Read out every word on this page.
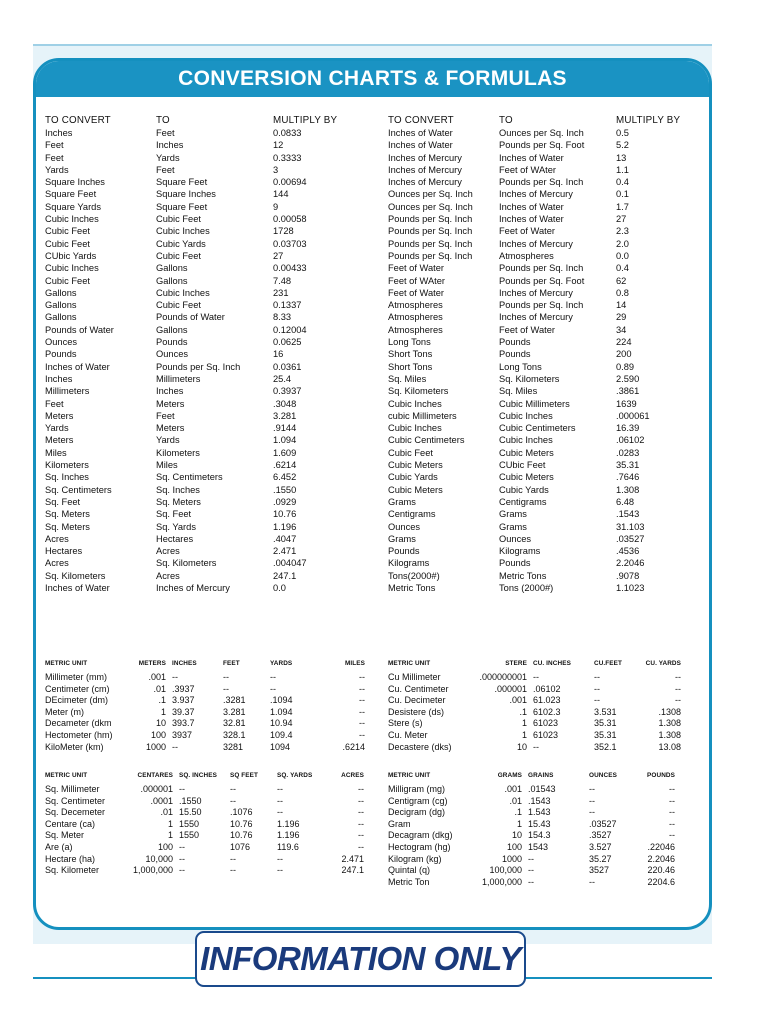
CONVERSION CHARTS & FORMULAS
TO CONVERT	TO	MULTIPLY BY
Inches	Feet	0.0833
Feet	Inches	12
Feet	Yards	0.3333
Yards	Feet	3
Square Inches	Square Feet	0.00694
Square Feet	Square Inches	144
Square Yards	Square Feet	9
Cubic Inches	Cubic Feet	0.00058
Cubic Feet	Cubic Inches	1728
Cubic Feet	Cubic Yards	0.03703
CUbic Yards	Cubic Feet	27
Cubic Inches	Gallons	0.00433
Cubic Feet	Gallons	7.48
Gallons	Cubic Inches	231
Gallons	Cubic Feet	0.1337
Gallons	Pounds of Water	8.33
Pounds of Water	Gallons	0.12004
Ounces	Pounds	0.0625
Pounds	Ounces	16
Inches of Water	Pounds per Sq. Inch	0.0361
Inches	Millimeters	25.4
Millimeters	Inches	0.3937
Feet	Meters	.3048
Meters	Feet	3.281
Yards	Meters	.9144
Meters	Yards	1.094
Miles	Kilometers	1.609
Kilometers	Miles	.6214
Sq. Inches	Sq. Centimeters	6.452
Sq. Centimeters	Sq. Inches	.1550
Sq. Feet	Sq. Meters	.0929
Sq. Meters	Sq. Feet	10.76
Sq. Meters	Sq. Yards	1.196
Acres	Hectares	.4047
Hectares	Acres	2.471
Acres	Sq. Kilometers	.004047
Sq. Kilometers	Acres	247.1
Inches of Water	Inches of Mercury	0.0
TO CONVERT	TO	MULTIPLY BY
Inches of Water	Ounces per Sq. Inch	0.5
Inches of Water	Pounds per Sq. Foot	5.2
Inches of Mercury	Inches of Water	13
Inches of Mercury	Feet of WAter	1.1
Inches of Mercury	Pounds per Sq. Inch	0.4
Ounces per Sq. Inch	Inches of Mercury	0.1
Ounces per Sq. Inch	Inches of Water	1.7
Pounds per Sq. Inch	Inches of Water	27
Pounds per Sq. Inch	Feet of Water	2.3
Pounds per Sq. Inch	Inches of Mercury	2.0
Pounds per Sq. Inch	Atmospheres	0.0
Feet of Water	Pounds per Sq. Inch	0.4
Feet of WAter	Pounds per Sq. Foot	62
Feet of Water	Inches of Mercury	0.8
Atmospheres	Pounds per Sq. Inch	14
Atmospheres	Inches of Mercury	29
Atmospheres	Feet of Water	34
Long Tons	Pounds	224
Short Tons	Pounds	200
Short Tons	Long Tons	0.89
Sq. Miles	Sq. Kilometers	2.590
Sq. Kilometers	Sq. Miles	.3861
Cubic Inches	Cubic Millimeters	1639
cubic Millimeters	Cubic Inches	.000061
Cubic Inches	Cubic Centimeters	16.39
Cubic Centimeters	Cubic Inches	.06102
Cubic Feet	Cubic Meters	.0283
Cubic Meters	CUbic Feet	35.31
Cubic Yards	Cubic Meters	.7646
Cubic Meters	Cubic Yards	1.308
Grams	Centigrams	6.48
Centigrams	Grams	.1543
Ounces	Grams	31.103
Grams	Ounces	.03527
Pounds	Kilograms	.4536
Kilograms	Pounds	2.2046
Tons(2000#)	Metric Tons	.9078
Metric Tons	Tons (2000#)	1.1023
METRIC UNIT	METERS INCHES	FEET	YARDS	MILES
Millimeter (mm)	.001 --	--	--	--
Centimeter (cm)	.01 .3937	--	--	--
DEcimeter (dm)	.1 3.937	.3281	.1094	--
Meter (m)	1 39.37	3.281	1.094	--
Decameter (dkm	10 393.7	32.81	10.94	--
Hectometer (hm)	100 3937	328.1	109.4	--
KiloMeter (km)	1000 --	3281	1094	.6214
METRIC UNIT	STERE CU. INCHES	CU.FEET	CU. YARDS
Cu Millimeter	.000000001 --	--	--
Cu. Centimeter	.000001 .06102	--	--
Cu. Decimeter	.001 61.023	--	--
Desistere (ds)	.1 6102.3	3.531	.1308
Stere (s)	1 61023	35.31	1.308
Cu. Meter	1 61023	35.31	1.308
Decastere (dks)	10 --	352.1	13.08
METRIC UNIT	CENTARES SQ. INCHES	SQ FEET	SQ. YARDS	ACRES
Sq. Millimeter	.000001 --	--	--	--
Sq. Centimeter	.0001 .1550	--	--	--
Sq. Decemeter	.01 15.50	.1076	--	--
Centare (ca)	1 1550	10.76	1.196	--
Sq. Meter	1 1550	10.76	1.196	--
Are (a)	100 --	1076	119.6	--
Hectare (ha)	10,000 --	--	--	2.471
Sq. Kilometer	1,000,000 --	--	--	247.1
METRIC UNIT	GRAMS GRAINS	OUNCES	POUNDS
Milligram (mg)	.001 .01543	--	--
Centigram (cg)	.01 .1543	--	--
Decigram (dg)	.1 1.543	--	--
Gram	1 15.43	.03527	--
Decagram (dkg)	10 154.3	.3527	--
Hectogram (hg)	100 1543	3.527	.22046
Kilogram (kg)	1000 --	35.27	2.2046
Quintal (q)	100,000 --	3527	220.46
Metric Ton	1,000,000 --	--	2204.6
INFORMATION ONLY
